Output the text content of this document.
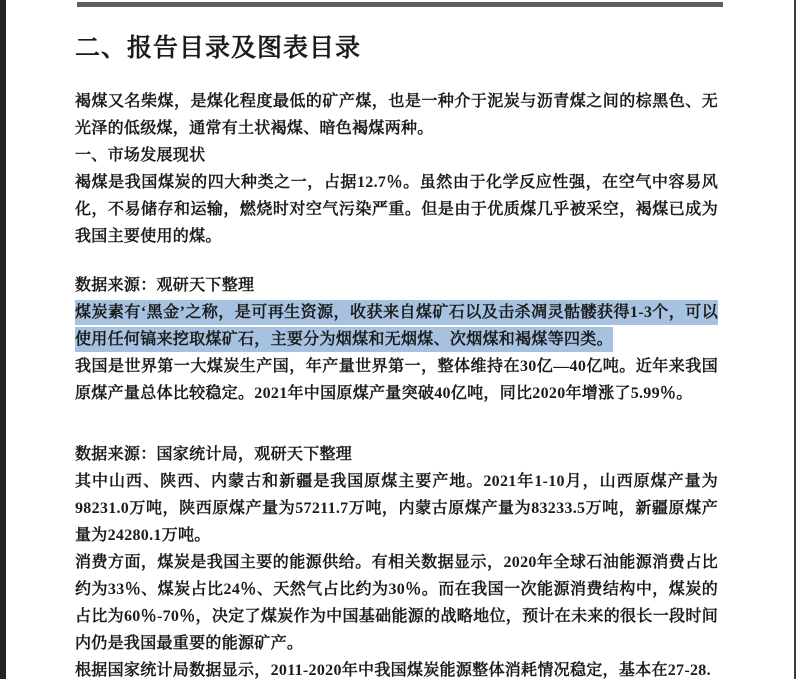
二、报告目录及图表目录

褐煤又名柴煤，是煤化程度最低的矿产煤，也是一种介于泥炭与沥青煤之间的棕黑色、无光泽的低级煤，通常有土状褐煤、暗色褐煤两种。

一、市场发展现状

褐煤是我国煤炭的四大种类之一，占据12.7％。虽然由于化学反应性强，在空气中容易风化，不易储存和运输，燃烧时对空气污染严重。但是由于优质煤几乎被采空，褐煤已成为我国主要使用的煤。

数据来源：观研天下整理

煤炭素有‘黑金’之称，是可再生资源，收获来自煤矿石以及击杀凋灵骷髅获得1-3个，可以使用任何镐来挖取煤矿石，主要分为烟煤和无烟煤、次烟煤和褐煤等四类。

我国是世界第一大煤炭生产国，年产量世界第一，整体维持在30亿—40亿吨。近年来我国原煤产量总体比较稳定。2021年中国原煤产量突破40亿吨，同比2020年增涨了5.99％。

数据来源：国家统计局，观研天下整理

其中山西、陕西、内蒙古和新疆是我国原煤主要产地。2021年1-10月，山西原煤产量为98231.0万吨，陕西原煤产量为57211.7万吨，内蒙古原煤产量为83233.5万吨，新疆原煤产量为24280.1万吨。

消费方面，煤炭是我国主要的能源供给。有相关数据显示，2020年全球石油能源消费占比约为33％、煤炭占比24％、天然气占比约为30％。而在我国一次能源消费结构中，煤炭的占比为60％-70％，决定了煤炭作为中国基础能源的战略地位，预计在未来的很长一段时间内仍是我国最重要的能源矿产。

根据国家统计局数据显示，2011-2020年中我国煤炭能源整体消耗情况稳定，基本在27-28.
